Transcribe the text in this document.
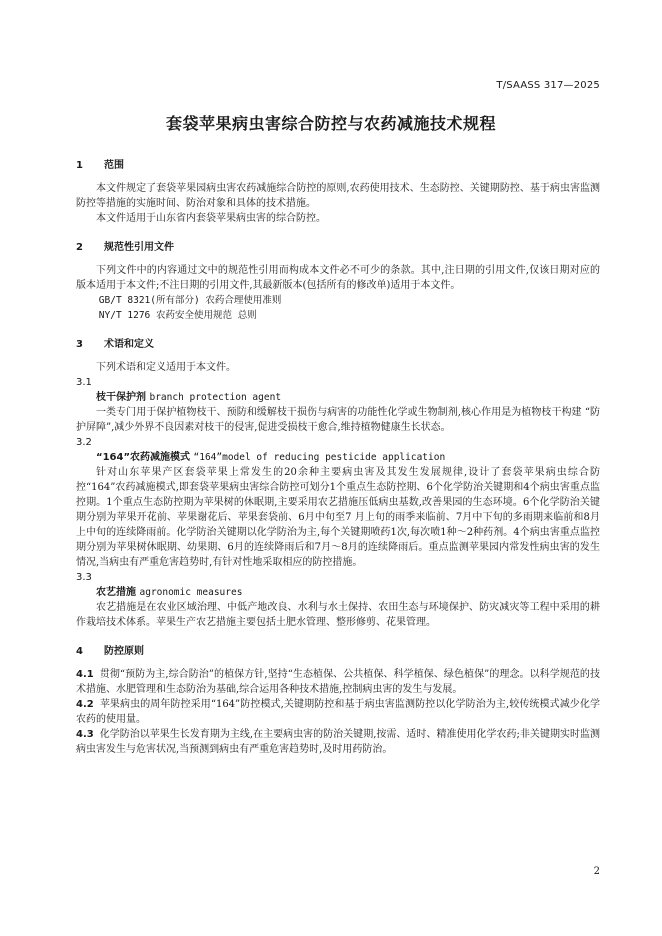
T/SAASS 317—2025
套袋苹果病虫害综合防控与农药减施技术规程
1 范围

本文件规定了套袋苹果园病虫害农药减施综合防控的原则,农药使用技术、生态防控、关键期防控、基于病虫害监测防控等措施的实施时间、防治对象和具体的技术措施。

本文件适用于山东省内套袋苹果病虫害的综合防控。

2 规范性引用文件

下列文件中的内容通过文中的规范性引用而构成本文件必不可少的条款。其中,注日期的引用文件,仅该日期对应的版本适用于本文件;不注日期的引用文件,其最新版本(包括所有的修改单)适用于本文件。

GB/T 8321(所有部分) 农药合理使用准则

NY/T 1276 农药安全使用规范 总则

3 术语和定义

下列术语和定义适用于本文件。

3.1

枝干保护剂 branch protection agent

一类专门用于保护植物枝干、预防和缓解枝干损伤与病害的功能性化学或生物制剂,核心作用是为植物枝干构建 “防护屏障”,减少外界不良因素对枝干的侵害,促进受损枝干愈合,维持植物健康生长状态。

3.2

“164”农药减施模式 “164”model of reducing pesticide application

针对山东苹果产区套袋苹果上常发生的20余种主要病虫害及其发生发展规律,设计了套袋苹果病虫综合防控“164”农药减施模式,即套袋苹果病虫害综合防控可划分1个重点生态防控期、6个化学防治关键期和4个病虫害重点监控期。1个重点生态防控期为苹果树的休眠期,主要采用农艺措施压低病虫基数,改善果园的生态环境。6个化学防治关键期分别为苹果开花前、苹果谢花后、苹果套袋前、6月中旬至7 月上旬的雨季来临前、7月中下旬的多雨期来临前和8月上中旬的连续降雨前。化学防治关键期以化学防治为主,每个关键期喷药1次,每次喷1种～2种药剂。4个病虫害重点监控期分别为苹果树休眠期、幼果期、6月的连续降雨后和7月～8月的连续降雨后。重点监测苹果园内常发性病虫害的发生情况,当病虫有严重危害趋势时,有针对性地采取相应的防控措施。

3.3

农艺措施 agronomic measures

农艺措施是在农业区域治理、中低产地改良、水利与水土保持、农田生态与环境保护、防灾减灾等工程中采用的耕作栽培技术体系。苹果生产农艺措施主要包括土肥水管理、整形修剪、花果管理。

4 防控原则

4.1 贯彻“预防为主,综合防治”的植保方针,坚持“生态植保、公共植保、科学植保、绿色植保”的理念。以科学规范的技术措施、水肥管理和生态防治为基础,综合运用各种技术措施,控制病虫害的发生与发展。

4.2 苹果病虫的周年防控采用“164”防控模式,关键期防控和基于病虫害监测防控以化学防治为主,较传统模式减少化学农药的使用量。

4.3 化学防治以苹果生长发育期为主线,在主要病虫害的防治关键期,按需、适时、精准使用化学农药;非关键期实时监测病虫害发生与危害状况,当预测到病虫有严重危害趋势时,及时用药防治。

2
